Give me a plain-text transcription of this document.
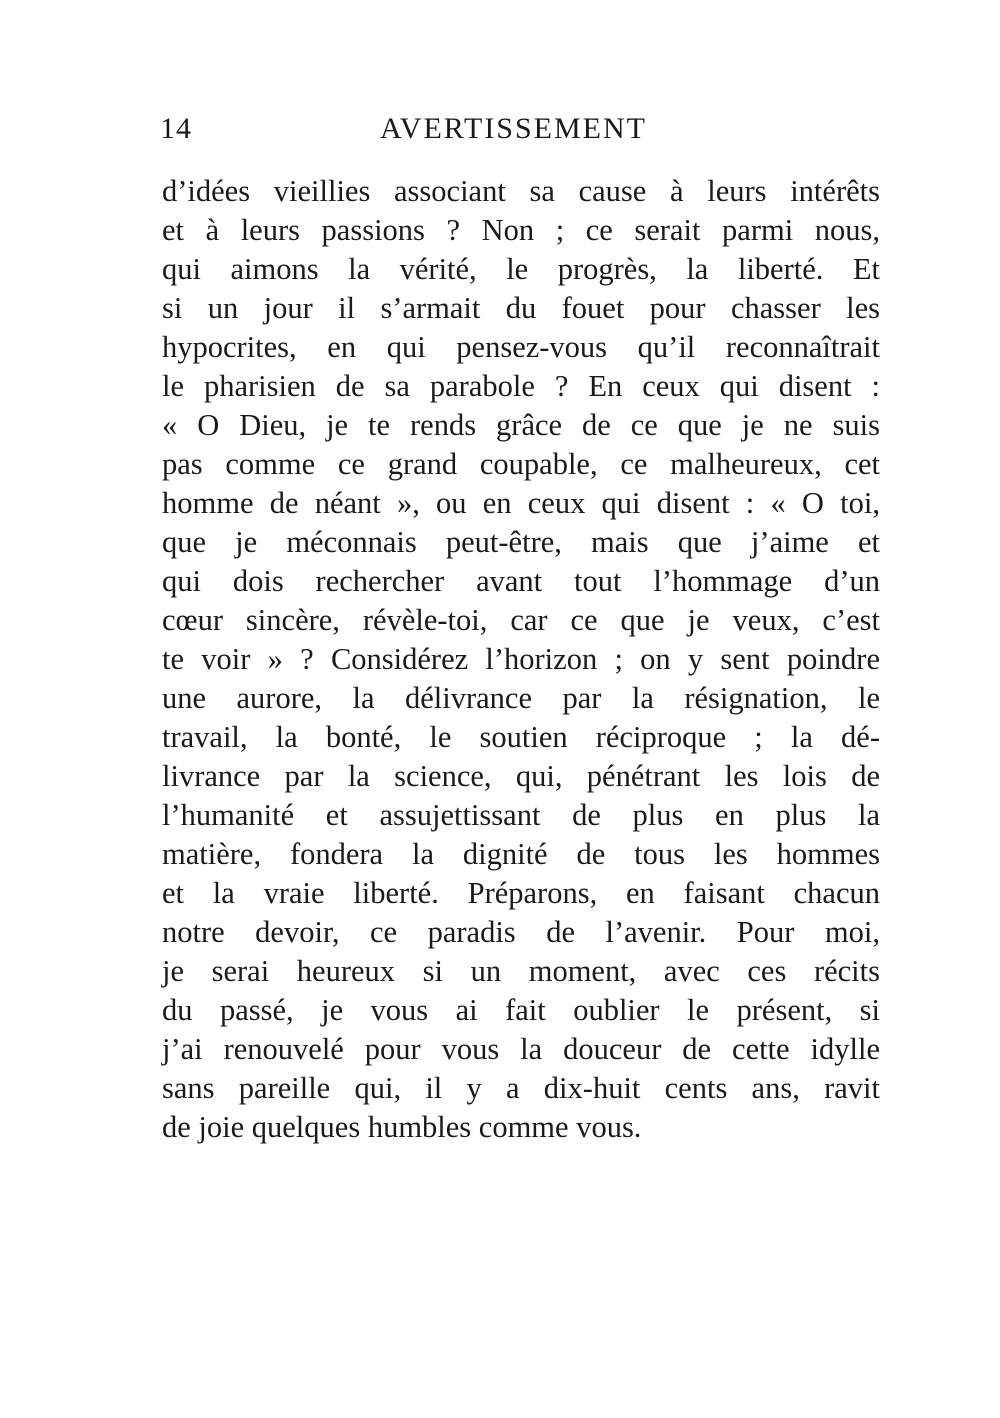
14	AVERTISSEMENT
d’idées vieillies associant sa cause à leurs intérêts
et à leurs passions ? Non ; ce serait parmi nous,
qui aimons la vérité, le progrès, la liberté. Et
si un jour il s’armait du fouet pour chasser les
hypocrites, en qui pensez-vous qu’il reconnaîtrait
le pharisien de sa parabole ? En ceux qui disent :
« O Dieu, je te rends grâce de ce que je ne suis
pas comme ce grand coupable, ce malheureux, cet
homme de néant », ou en ceux qui disent : « O toi,
que je méconnais peut-être, mais que j’aime et
qui dois rechercher avant tout l’hommage d’un
cœur sincère, révèle-toi, car ce que je veux, c’est
te voir » ? Considérez l’horizon ; on y sent poindre
une aurore, la délivrance par la résignation, le
travail, la bonté, le soutien réciproque ; la dé-
livrance par la science, qui, pénétrant les lois de
l’humanité et assujettissant de plus en plus la
matière, fondera la dignité de tous les hommes
et la vraie liberté. Préparons, en faisant chacun
notre devoir, ce paradis de l’avenir. Pour moi,
je serai heureux si un moment, avec ces récits
du passé, je vous ai fait oublier le présent, si
j’ai renouvelé pour vous la douceur de cette idylle
sans pareille qui, il y a dix-huit cents ans, ravit
de joie quelques humbles comme vous.
